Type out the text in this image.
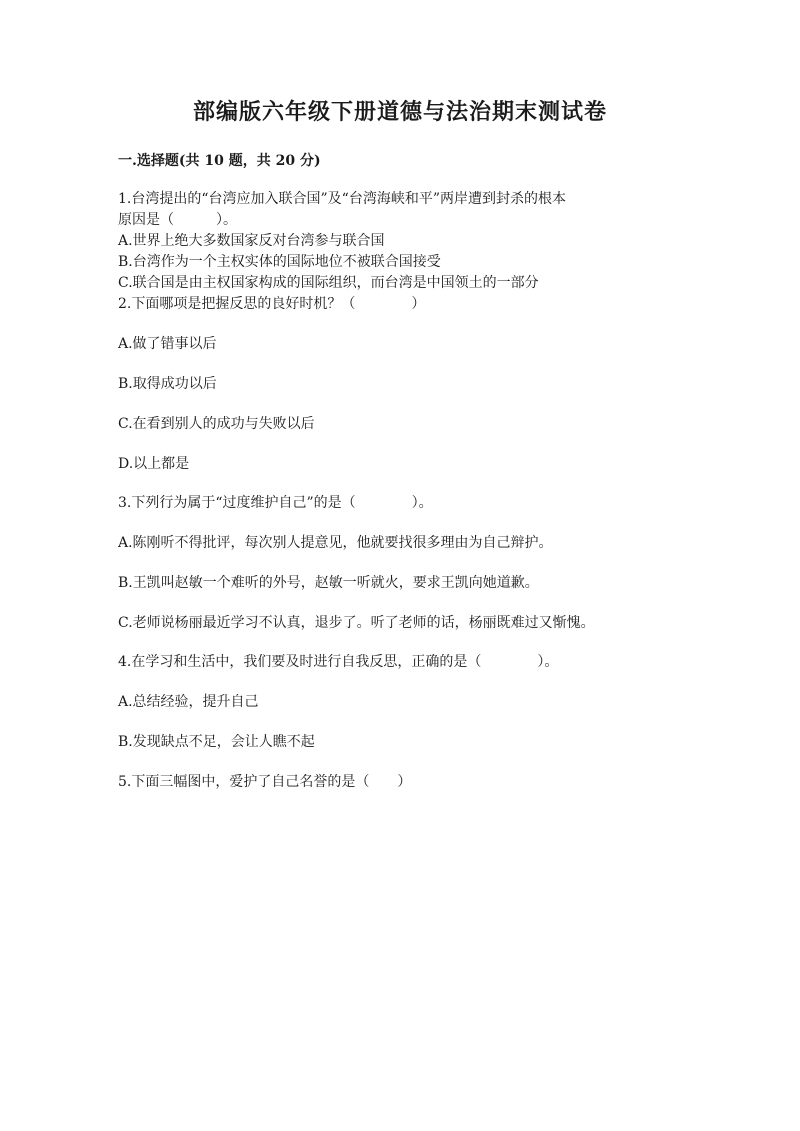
部编版六年级下册道德与法治期末测试卷
一.选择题(共 10 题，共 20 分)
1.台湾提出的“台湾应加入联合国”及“台湾海峡和平”两岸遭到封杀的根本
原因是（　　　）。
A.世界上绝大多数国家反对台湾参与联合国
B.台湾作为一个主权实体的国际地位不被联合国接受
C.联合国是由主权国家构成的国际组织，而台湾是中国领土的一部分
2.下面哪项是把握反思的良好时机？（　　　　）
A.做了错事以后
B.取得成功以后
C.在看到别人的成功与失败以后
D.以上都是
3.下列行为属于“过度维护自己”的是（　　　　）。
A.陈刚听不得批评，每次别人提意见，他就要找很多理由为自己辩护。
B.王凯叫赵敏一个难听的外号，赵敏一听就火，要求王凯向她道歉。
C.老师说杨丽最近学习不认真，退步了。听了老师的话，杨丽既难过又惭愧。
4.在学习和生活中，我们要及时进行自我反思，正确的是（　　　　）。
A.总结经验，提升自己
B.发现缺点不足，会让人瞧不起
5.下面三幅图中，爱护了自己名誉的是（　　）
